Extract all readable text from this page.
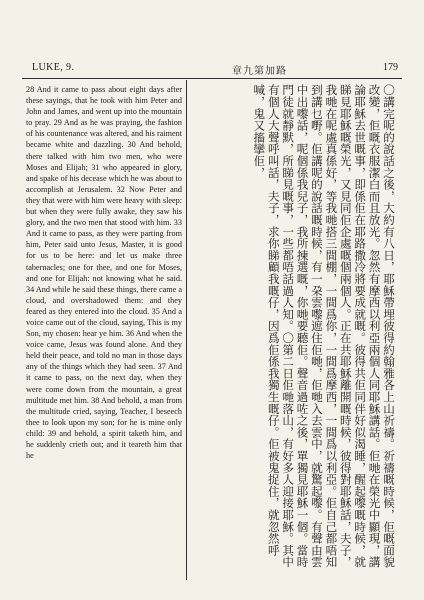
LUKE, 9.	章九第加路	179

28 And it came to pass about eight days after these sayings, that he took with him Peter and John and James, and went up into the mountain to pray. 29 And as he was praying, the fashion of his countenance was altered, and his raiment became white and dazzling. 30 And behold, there talked with him two men, who were Moses and Elijah; 31 who appeared in glory, and spake of his decease which he was about to accomplish at Jerusalem. 32 Now Peter and they that were with him were heavy with sleep: but when they were fully awake, they saw his glory, and the two men that stood with him. 33 And it came to pass, as they were parting from him, Peter said unto Jesus, Master, it is good for us to be here: and let us make three tabernacles; one for thee, and one for Moses, and one for Elijah: not knowing what he said. 34 And while he said these things, there came a cloud, and overshadowed them: and they feared as they entered into the cloud. 35 And a voice came out of the cloud, saying, This is my Son, my chosen: hear ye him. 36 And when the voice came, Jesus was found alone. And they held their peace, and told no man in those days any of the things which they had seen. 37 And it came to pass, on the next day, when they were come down from the mountain, a great multitude met him. 38 And behold, a man from the multitude cried, saying, Teacher, I beseech thee to look upon my son; for he is mine only child: 39 and behold, a spirit taketh him, and he suddenly crieth out; and it teareth him that he	〇講完呢的說話之後，大約有八日，耶穌帶埋彼得約翰雅各上山祈禱。祈禱嘅時候，佢嘅面貌改變，佢嘅衣服潔白而且放光。忽然有摩西以利亞兩個人同耶穌講話。佢哋在榮光中顯現，講論耶穌去世嘅事，即係佢在耶路撒冷將要成就嘅。彼得共佢同伴好似渴睡，醒起嚟嘅時候，就睇見耶穌嘅榮光，又見同佢企處嘅個兩個人。正在共耶穌離開嘅時候，彼得對耶穌話，夫子，我哋在呢處真係好，等我哋搭三間棚，一間爲你，一間爲摩西，一間爲以利亞。佢自己都唔知到講乜嘢。佢講呢的說話嘅時候，有一朶雲嚟遮住佢哋，佢哋入去雲中，就驚起嚟。有聲由雲中出嚟話，呢個係我兒子，我所揀選嘅，你哋要聽佢。聲音過咗之後，單獨見耶穌一個。當時門徒就靜默，所睇見嘅事，一些都唔話過人知。〇第二日佢哋落山，有好多人迎接耶穌。其中有個人大聲呼叫話，夫子，求你睇顧我嘅仔，因爲佢係我獨生嘅仔。佢被鬼捉住，就忽然呼喊，鬼又搐攣佢，
